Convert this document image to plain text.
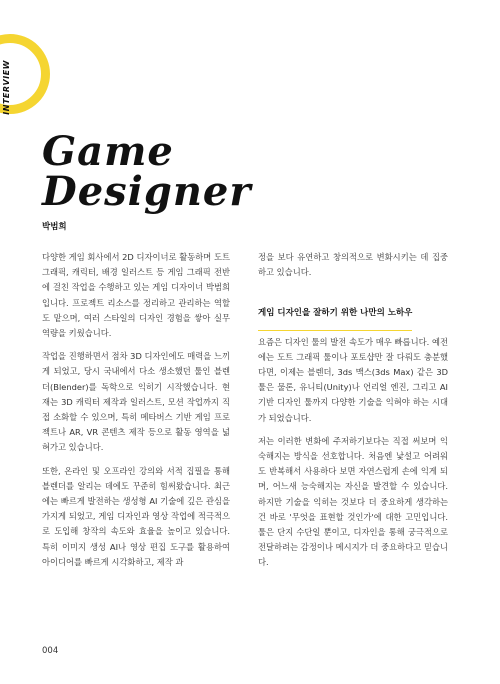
INTERVIEW
Game
Designer
박범희

다양한 게임 회사에서 2D 디자이너로 활동하며 도트 그래픽, 캐릭터, 배경 일러스트 등 게임 그래픽 전반에 걸친 작업을 수행하고 있는 게임 디자이너 박범희입니다. 프로젝트 리소스를 정리하고 관리하는 역할도 맡으며, 여러 스타일의 디자인 경험을 쌓아 실무 역량을 키웠습니다.

작업을 진행하면서 점차 3D 디자인에도 매력을 느끼게 되었고, 당시 국내에서 다소 생소했던 툴인 블렌더(Blender)를 독학으로 익히기 시작했습니다. 현재는 3D 캐릭터 제작과 일러스트, 모션 작업까지 직접 소화할 수 있으며, 특히 메타버스 기반 게임 프로젝트나 AR, VR 콘텐츠 제작 등으로 활동 영역을 넓혀가고 있습니다.

또한, 온라인 및 오프라인 강의와 서적 집필을 통해 블렌더를 알리는 데에도 꾸준히 힘써왔습니다. 최근에는 빠르게 발전하는 생성형 AI 기술에 깊은 관심을 가지게 되었고, 게임 디자인과 영상 작업에 적극적으로 도입해 창작의 속도와 효율을 높이고 있습니다. 특히 이미지 생성 AI나 영상 편집 도구를 활용하여 아이디어를 빠르게 시각화하고, 제작 과

정을 보다 유연하고 창의적으로 변화시키는 데 집중하고 있습니다.

게임 디자인을 잘하기 위한 나만의 노하우

요즘은 디자인 툴의 발전 속도가 매우 빠릅니다. 예전에는 도트 그래픽 툴이나 포토샵만 잘 다뤄도 충분했다면, 이제는 블렌더, 3ds 맥스(3ds Max) 같은 3D 툴은 물론, 유니티(Unity)나 언리얼 엔진, 그리고 AI 기반 디자인 툴까지 다양한 기술을 익혀야 하는 시대가 되었습니다.

저는 이러한 변화에 주저하기보다는 직접 써보며 익숙해지는 방식을 선호합니다. 처음엔 낯설고 어려워도 반복해서 사용하다 보면 자연스럽게 손에 익게 되며, 어느새 능숙해지는 자신을 발견할 수 있습니다. 하지만 기술을 익히는 것보다 더 중요하게 생각하는 건 바로 '무엇을 표현할 것인가'에 대한 고민입니다. 툴은 단지 수단일 뿐이고, 디자인을 통해 궁극적으로 전달하려는 감정이나 메시지가 더 중요하다고 믿습니다.

004
